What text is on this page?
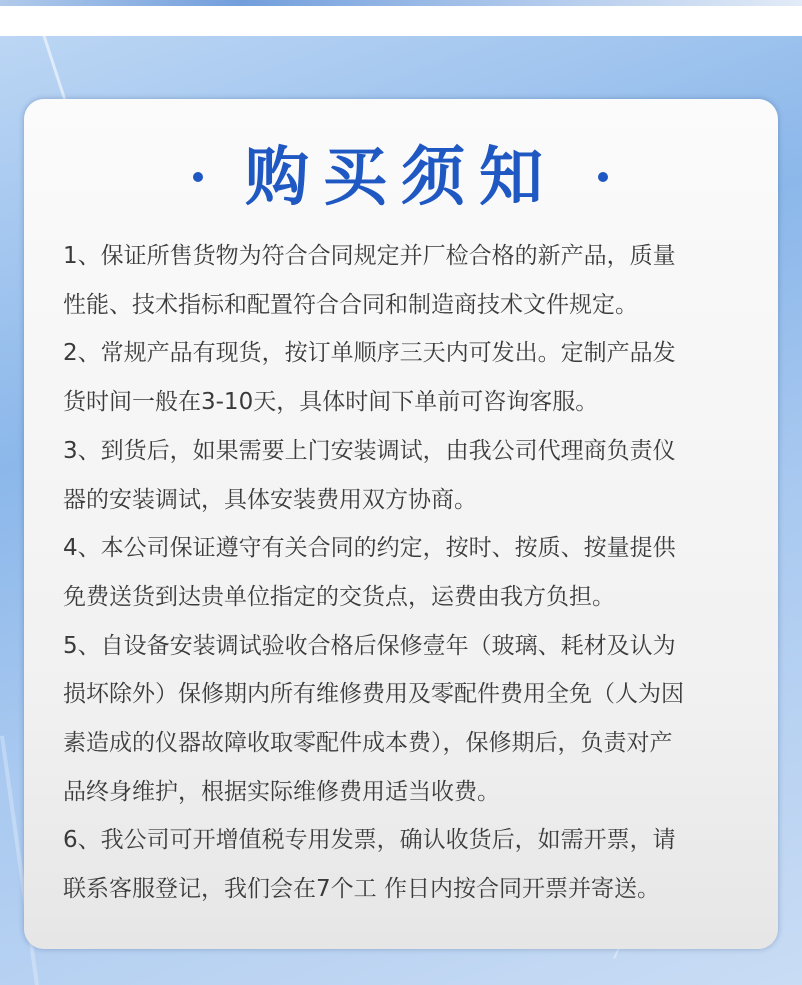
购买须知

1、保证所售货物为符合合同规定并厂检合格的新产品，质量
性能、技术指标和配置符合合同和制造商技术文件规定。

2、常规产品有现货，按订单顺序三天内可发出。定制产品发
货时间一般在3-10天，具体时间下单前可咨询客服。

3、到货后，如果需要上门安装调试，由我公司代理商负责仪
器的安装调试，具体安装费用双方协商。

4、本公司保证遵守有关合同的约定，按时、按质、按量提供
免费送货到达贵单位指定的交货点，运费由我方负担。

5、自设备安装调试验收合格后保修壹年（玻璃、耗材及认为
损坏除外）保修期内所有维修费用及零配件费用全免（人为因
素造成的仪器故障收取零配件成本费），保修期后，负责对产
品终身维护，根据实际维修费用适当收费。

6、我公司可开增值税专用发票，确认收货后，如需开票，请
联系客服登记，我们会在7个工 作日内按合同开票并寄送。
